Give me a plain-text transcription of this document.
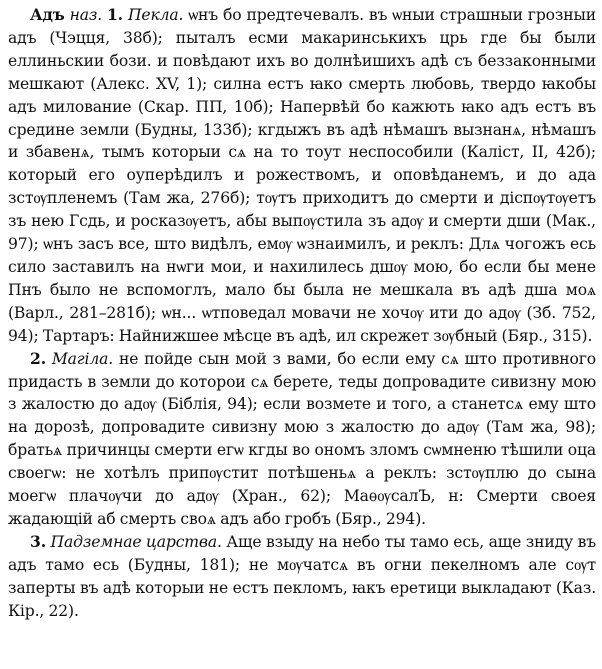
Адъ наз. 1. Пекла. ѡнъ бо предтечевалъ. въ ѡныи страшныи грозныи адъ (Чэцця, 38б); пыталъ есми макаринськихъ црь где бы были еллиньскии бози. и повѣдают ихъ во долнѣишихъ адѣ съ беззаконными мешкают (Алекс. XV, 1); силна естъ ꙗко смерть любовь, твердо ꙗкобы адъ милование (Скар. ПП, 10б); Напервѣй бо кажють ꙗко адъ естъ въ средине земли (Будны, 133б); кгдыжъ въ адѣ нѣмашъ вызнанѧ, нѣмашъ и збавенѧ, тымъ которыи сѧ на то тоут неспособили (Каліст, II, 42б); который его оуперѣдилъ и рожествомъ, и оповѣданемъ, и до ада зстѹпленемъ (Там жа, 276б); тѹтъ приходитъ до смерти и діспѹтѹетъ зъ нею Гсдь, и росказѹетъ, абы выпѹстила зъ адѹ и смерти дши (Мак., 97); ѡнъ засъ все, што видѣлъ, емѹ ѡзнаимилъ, и реклъ: Длѧ чогожъ есь сило заставилъ на нѡги мои, и нахилилесь дшѹ мою, бо если бы мене Пнъ было не вспомоглъ, мало бы была не мешкала въ адѣ дша моѧ (Варл., 281–281б); ѡн... ѡтповедал мовачи не хочѹ ити до адѹ (Зб. 752, 94); Тартаръ: Найнижшее мѣсце въ адѣ, ил скрежет зѹбный (Бяр., 315).

2. Магіла. не пойде сын мой з вами, бо если ему сѧ што противного придасть в земли до которои сѧ берете, теды допровадите сивизну мою з жалостю до адѹ (Біблія, 94); если возмете и того, а станетсѧ ему што на дорозѣ, допровадите сивизну мою з жалостю до адѹ (Там жа, 98); братьѧ причинцы смерти егѡ кгды во ономъ зломъ сѡмненю тѣшили оца своегѡ: не хотѣлъ припѹстит потѣшеньѧ а реклъ: зстѹплю до сына моегѡ плачѹчи до адѹ (Хран., 62); МаѳѹсалЪ, н: Смерти своея жадающій аб смерть своѧ адъ або гробъ (Бяр., 294).

3. Падземнае царства. Аще взыду на небо ты тамо есь, аще зниду въ адъ тамо есь (Будны, 181); не мѹчатсѧ въ огни пекелномъ але сѹт заперты въ адѣ которыи не естъ пекломъ, ꙗкъ еретици выкладают (Каз. Кір., 22).
